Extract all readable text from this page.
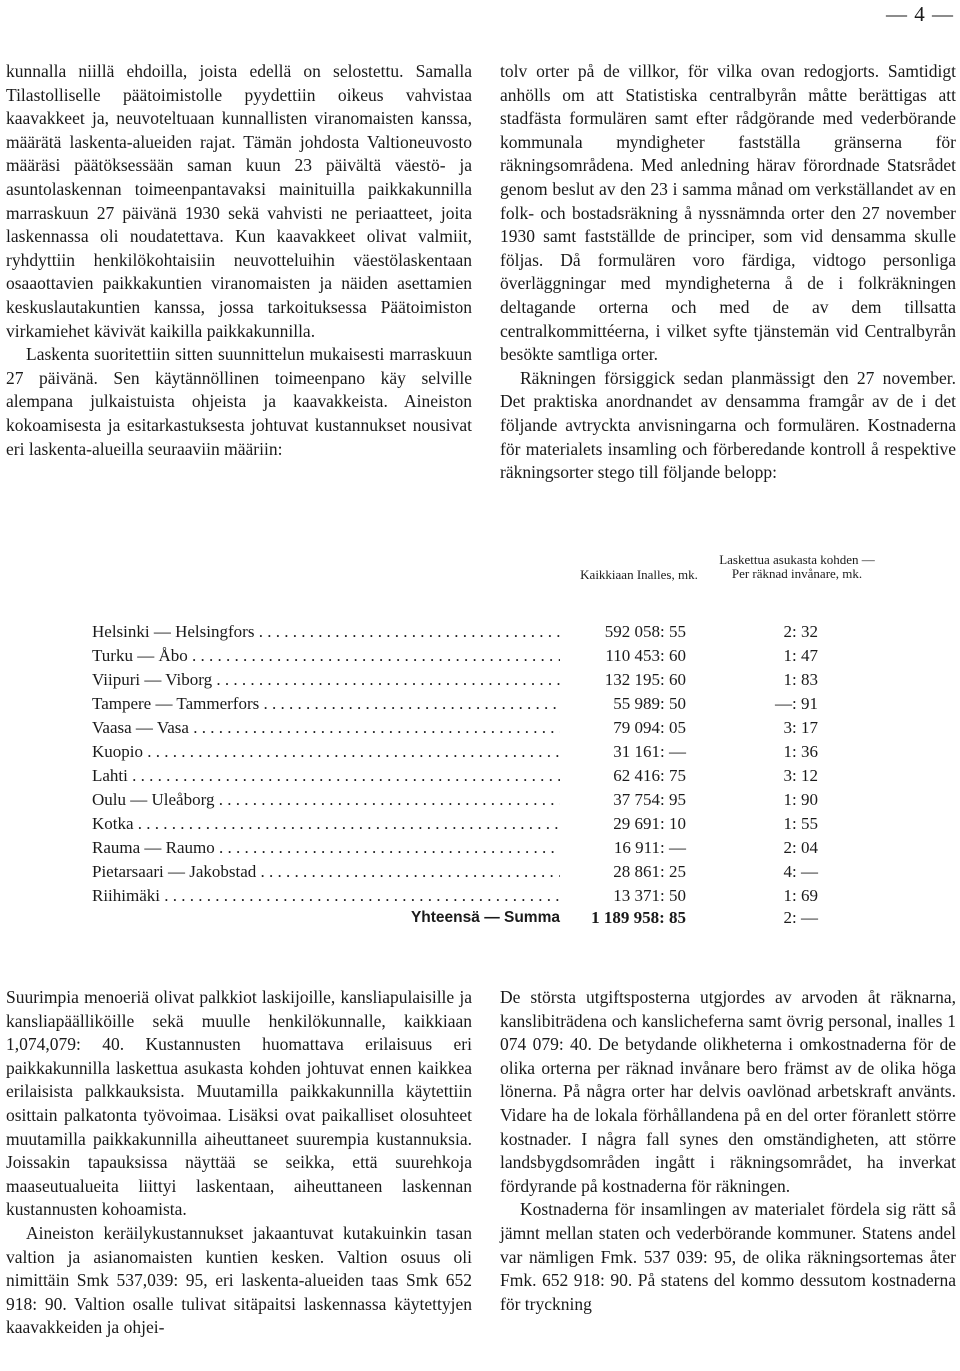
— 4 —

kunnalla niillä ehdoilla, joista edellä on selostettu. Samalla Tilastolliselle päätoimistolle pyydettiin oikeus vahvistaa kaavakkeet ja, neuvoteltuaan kunnallisten viranomaisten kanssa, määrätä laskenta-alueiden rajat. Tämän johdosta Valtioneuvosto määräsi päätöksessään saman kuun 23 päivältä väestö- ja asuntolaskennan toimeenpantavaksi mainituilla paikkakunnilla marraskuun 27 päivänä 1930 sekä vahvisti ne periaatteet, joita laskennassa oli noudatettava. Kun kaavakkeet olivat valmiit, ryhdyttiin henkilökohtaisiin neuvotteluihin väestölaskentaan osaaottavien paikkakuntien viranomaisten ja näiden asettamien keskuslautakuntien kanssa, jossa tarkoituksessa Päätoimiston virkamiehet kävivät kaikilla paikkakunnilla.

Laskenta suoritettiin sitten suunnittelun mukaisesti marraskuun 27 päivänä. Sen käytännöllinen toimeenpano käy selville alempana julkaistuista ohjeista ja kaavakkeista. Aineiston kokoamisesta ja esitarkastuksesta johtuvat kustannukset nousivat eri laskenta-alueilla seuraaviin määriin:

tolv orter på de villkor, för vilka ovan redogjorts. Samtidigt anhölls om att Statistiska centralbyrån måtte berättigas att stadfästa formulären samt efter rådgörande med vederbörande kommunala myndigheter fastställa gränserna för räkningsområdena. Med anledning härav förordnade Statsrådet genom beslut av den 23 i samma månad om verkställandet av en folk- och bostadsräkning å nyssnämnda orter den 27 november 1930 samt fastställde de principer, som vid densamma skulle följas. Då formulären voro färdiga, vidtogo personliga överläggningar med myndigheterna å de i folkräkningen deltagande orterna och med de av dem tillsatta centralkommittéerna, i vilket syfte tjänstemän vid Centralbyrån besökte samtliga orter.

Räkningen försiggick sedan planmässigt den 27 november. Det praktiska anordnandet av densamma framgår av de i det följande avtryckta anvisningarna och formulären. Kostnaderna för materialets insamling och förberedande kontroll å respektive räkningsorter stego till följande belopp:

Kaikkiaan Inalles, mk.
Laskettua asukasta kohden — Per räknad invånare, mk.
Helsinki — Helsingfors . . .	592 058: 55	2: 32
Turku — Åbo . . .	110 453: 60	1: 47
Viipuri — Viborg . . .	132 195: 60	1: 83
Tampere — Tammerfors . . .	55 989: 50	—: 91
Vaasa — Vasa . . .	79 094: 05	3: 17
Kuopio . . .	31 161: —	1: 36
Lahti . . .	62 416: 75	3: 12
Oulu — Uleåborg . . .	37 754: 95	1: 90
Kotka . . .	29 691: 10	1: 55
Rauma — Raumo . . .	16 911: —	2: 04
Pietarsaari — Jakobstad . . .	28 861: 25	4: —
Riihimäki . . .	13 371: 50	1: 69
Yhteensä — Summa	1 189 958: 85	2: —

Suurimpia menoeriä olivat palkkiot laskijoille, kansliapulaisille ja kansliapäälliköille sekä muulle henkilökunnalle, kaikkiaan 1,074,079: 40. Kustannusten huomattava erilaisuus eri paikkakunnilla laskettua asukasta kohden johtuvat ennen kaikkea erilaisista palkkauksista. Muutamilla paikkakunnilla käytettiin osittain palkatonta työvoimaa. Lisäksi ovat paikalliset olosuhteet muutamilla paikkakunnilla aiheuttaneet suurempia kustannuksia. Joissakin tapauksissa näyttää se seikka, että suurehkoja maaseutualueita liittyi laskentaan, aiheuttaneen laskennan kustannusten kohoamista.

Aineiston keräilykustannukset jakaantuvat kutakuinkin tasan valtion ja asianomaisten kuntien kesken. Valtion osuus oli nimittäin Smk 537,039: 95, eri laskenta-alueiden taas Smk 652 918: 90. Valtion osalle tulivat sitäpaitsi laskennassa käytettyjen kaavakkeiden ja ohjei-

De största utgiftsposterna utgjordes av arvoden åt räknarna, kanslibiträdena och kanslicheferna samt övrig personal, inalles 1 074 079: 40. De betydande olikheterna i omkostnaderna för de olika orterna per räknad invånare bero främst av de olika höga lönerna. På några orter har delvis oavlönad arbetskraft använts. Vidare ha de lokala förhållandena på en del orter föranlett större kostnader. I några fall synes den omständigheten, att större landsbygdsområden ingått i räkningsområdet, ha inverkat fördyrande på kostnaderna för räkningen.

Kostnaderna för insamlingen av materialet fördela sig rätt så jämnt mellan staten och vederbörande kommuner. Statens andel var nämligen Fmk. 537 039: 95, de olika räkningsortemas åter Fmk. 652 918: 90. På statens del kommo dessutom kostnaderna för tryckning
